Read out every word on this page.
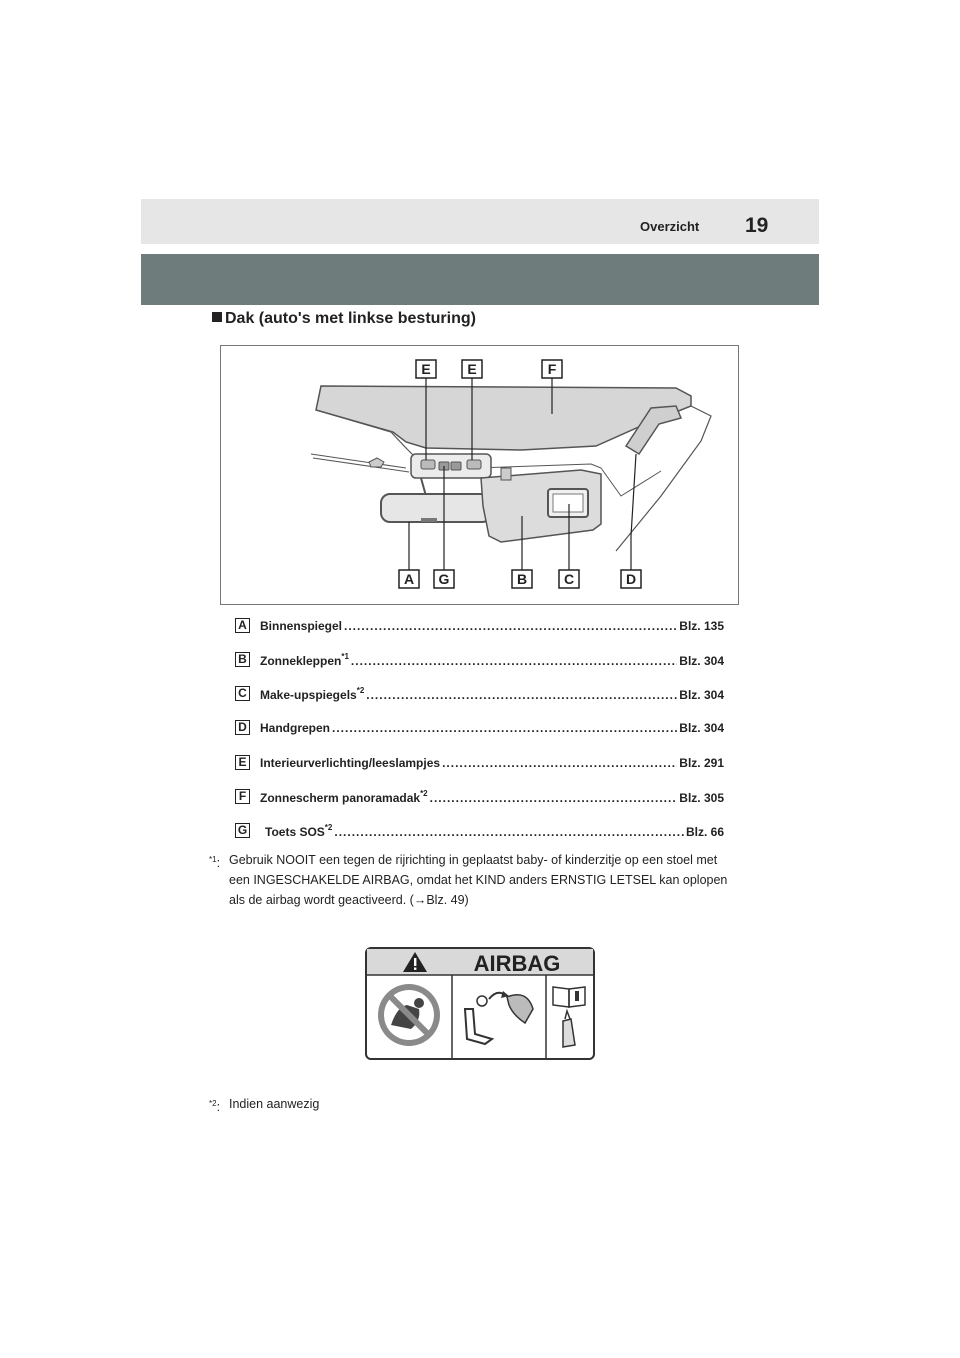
Overzicht 19
Dak (auto's met linkse besturing)
E	E	F
A G	B	C	D
A Binnenspiegel .....	Blz. 135
B Zonnekleppen$^{*1}$ .....	Blz. 304
C Make-upspiegels$^{*2}$ .....	Blz. 304
D Handgrepen .....	Blz. 304
E Interieurverlichting/leeslampjes .....	Blz. 291
F	Zonnescherm panoramadak$^{*2}$ .....	Blz. 305
G Toets SOS$^{*2}$ .....	Blz. 66
$^{*1}$: Gebruik NOOIT een tegen de rijrichting in geplaatst baby- of kinderzitje op een stoel met
een INGESCHAKELDE AIRBAG, omdat het KIND anders ERNSTIG LETSEL kan oplopen
als de airbag wordt geactiveerd. (→Blz. 49)
AIRBAG
$^{*2}$: Indien aanwezig
